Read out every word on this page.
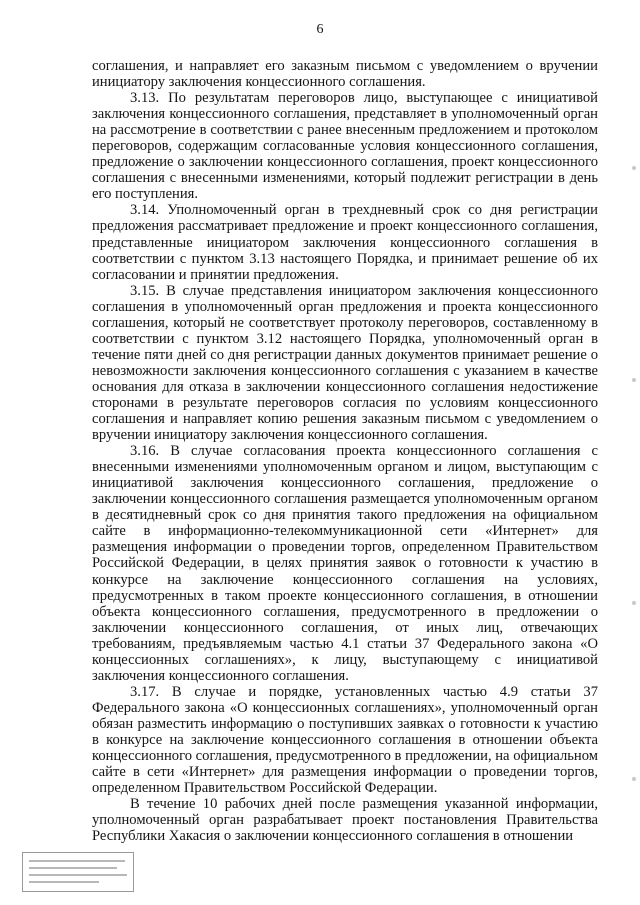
6

соглашения, и направляет его заказным письмом с уведомлением о вручении инициатору заключения концессионного соглашения.

3.13. По результатам переговоров лицо, выступающее с инициативой заключения концессионного соглашения, представляет в уполномоченный орган на рассмотрение в соответствии с ранее внесенным предложением и протоколом переговоров, содержащим согласованные условия концессионного соглашения, предложение о заключении концессионного соглашения, проект концессионного соглашения с внесенными изменениями, который подлежит регистрации в день его поступления.

3.14. Уполномоченный орган в трехдневный срок со дня регистрации предложения рассматривает предложение и проект концессионного соглашения, представленные инициатором заключения концессионного соглашения в соответствии с пунктом 3.13 настоящего Порядка, и принимает решение об их согласовании и принятии предложения.

3.15. В случае представления инициатором заключения концессионного соглашения в уполномоченный орган предложения и проекта концессионного соглашения, который не соответствует протоколу переговоров, составленному в соответствии с пунктом 3.12 настоящего Порядка, уполномоченный орган в течение пяти дней со дня регистрации данных документов принимает решение о невозможности заключения концессионного соглашения с указанием в качестве основания для отказа в заключении концессионного соглашения недостижение сторонами в результате переговоров согласия по условиям концессионного соглашения и направляет копию решения заказным письмом с уведомлением о вручении инициатору заключения концессионного соглашения.

3.16. В случае согласования проекта концессионного соглашения с внесенными изменениями уполномоченным органом и лицом, выступающим с инициативой заключения концессионного соглашения, предложение о заключении концессионного соглашения размещается уполномоченным органом в десятидневный срок со дня принятия такого предложения на официальном сайте в информационно-телекоммуникационной сети «Интернет» для размещения информации о проведении торгов, определенном Правительством Российской Федерации, в целях принятия заявок о готовности к участию в конкурсе на заключение концессионного соглашения на условиях, предусмотренных в таком проекте концессионного соглашения, в отношении объекта концессионного соглашения, предусмотренного в предложении о заключении концессионного соглашения, от иных лиц, отвечающих требованиям, предъявляемым частью 4.1 статьи 37 Федерального закона «О концессионных соглашениях», к лицу, выступающему с инициативой заключения концессионного соглашения.

3.17. В случае и порядке, установленных частью 4.9 статьи 37 Федерального закона «О концессионных соглашениях», уполномоченный орган обязан разместить информацию о поступивших заявках о готовности к участию в конкурсе на заключение концессионного соглашения в отношении объекта концессионного соглашения, предусмотренного в предложении, на официальном сайте в сети «Интернет» для размещения информации о проведении торгов, определенном Правительством Российской Федерации.

В течение 10 рабочих дней после размещения указанной информации, уполномоченный орган разрабатывает проект постановления Правительства Республики Хакасия о заключении концессионного соглашения в отношении
